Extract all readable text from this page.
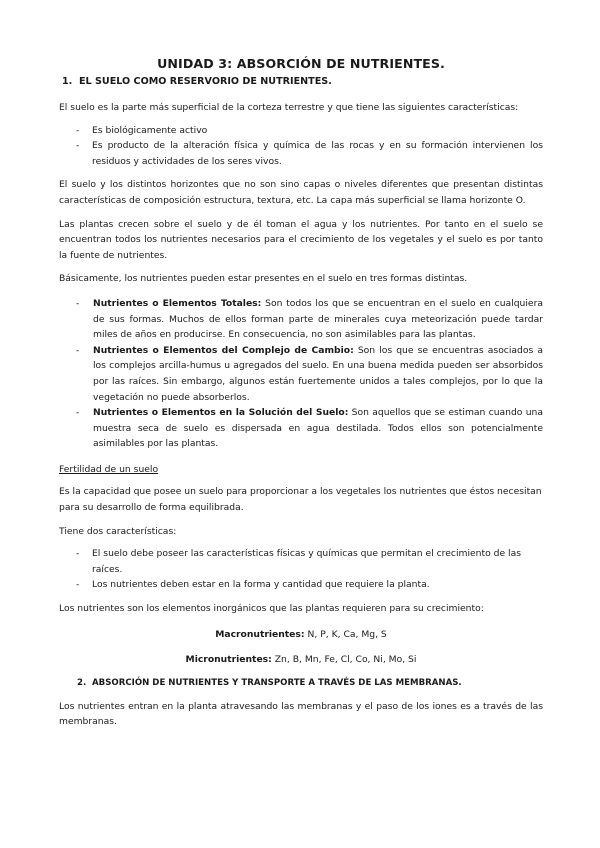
UNIDAD 3: ABSORCIÓN DE NUTRIENTES.
1. EL SUELO COMO RESERVORIO DE NUTRIENTES.

El suelo es la parte más superficial de la corteza terrestre y que tiene las siguientes características:

- Es biológicamente activo
- Es producto de la alteración física y química de las rocas y en su formación intervienen los residuos y actividades de los seres vivos.

El suelo y los distintos horizontes que no son sino capas o niveles diferentes que presentan distintas características de composición estructura, textura, etc. La capa más superficial se llama horizonte O.

Las plantas crecen sobre el suelo y de él toman el agua y los nutrientes. Por tanto en el suelo se encuentran todos los nutrientes necesarios para el crecimiento de los vegetales y el suelo es por tanto la fuente de nutrientes.

Básicamente, los nutrientes pueden estar presentes en el suelo en tres formas distintas.

- Nutrientes o Elementos Totales: Son todos los que se encuentran en el suelo en cualquiera de sus formas. Muchos de ellos forman parte de minerales cuya meteorización puede tardar miles de años en producirse. En consecuencia, no son asimilables para las plantas.
- Nutrientes o Elementos del Complejo de Cambio: Son los que se encuentras asociados a los complejos arcilla-humus u agregados del suelo. En una buena medida pueden ser absorbidos por las raíces. Sin embargo, algunos están fuertemente unidos a tales complejos, por lo que la vegetación no puede absorberlos.
- Nutrientes o Elementos en la Solución del Suelo: Son aquellos que se estiman cuando una muestra seca de suelo es dispersada en agua destilada. Todos ellos son potencialmente asimilables por las plantas.

Fertilidad de un suelo

Es la capacidad que posee un suelo para proporcionar a los vegetales los nutrientes que éstos necesitan para su desarrollo de forma equilibrada.

Tiene dos características:

- El suelo debe poseer las características físicas y químicas que permitan el crecimiento de las raíces.
- Los nutrientes deben estar en la forma y cantidad que requiere la planta.

Los nutrientes son los elementos inorgánicos que las plantas requieren para su crecimiento:

Macronutrientes: N, P, K, Ca, Mg, S

Micronutrientes: Zn, B, Mn, Fe, Cl, Co, Ni, Mo, Si

2. ABSORCIÓN DE NUTRIENTES Y TRANSPORTE A TRAVÉS DE LAS MEMBRANAS.

Los nutrientes entran en la planta atravesando las membranas y el paso de los iones es a través de las membranas.
